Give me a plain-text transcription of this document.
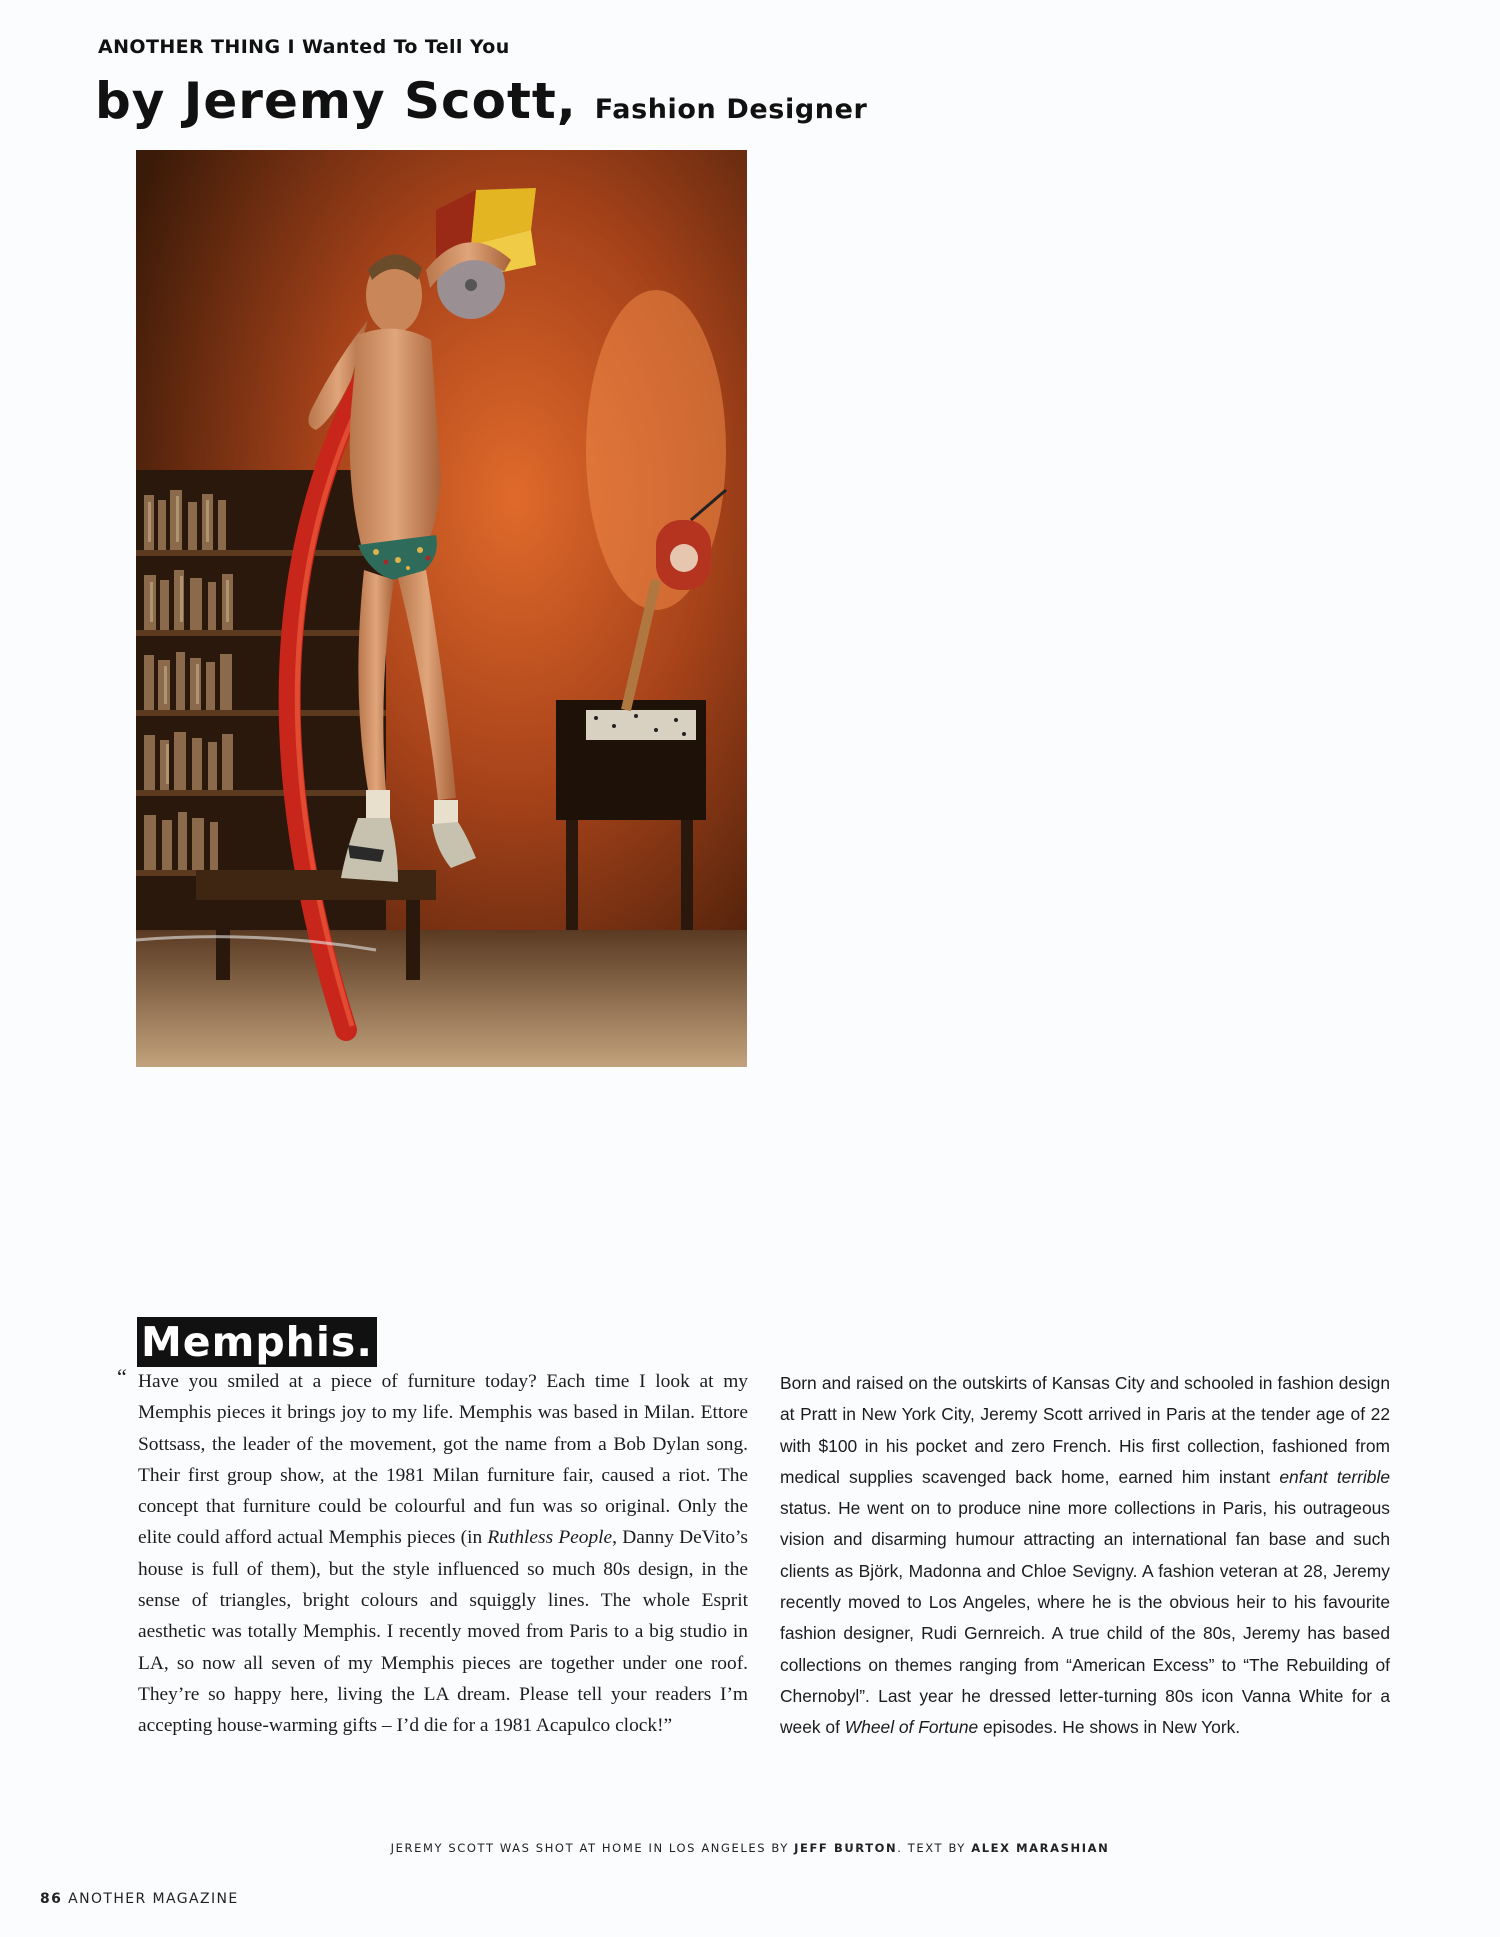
ANOTHER THING I Wanted To Tell You
by Jeremy Scott, Fashion Designer
Memphis.
“ Have you smiled at a piece of furniture today? Each time I look at my Memphis pieces it brings joy to my life. Memphis was based in Milan. Ettore Sottsass, the leader of the movement, got the name from a Bob Dylan song. Their first group show, at the 1981 Milan furniture fair, caused a riot. The concept that furniture could be colourful and fun was so original. Only the elite could afford actual Memphis pieces (in Ruthless People, Danny DeVito’s house is full of them), but the style influenced so much 80s design, in the sense of triangles, bright colours and squiggly lines. The whole Esprit aesthetic was totally Memphis. I recently moved from Paris to a big studio in LA, so now all seven of my Memphis pieces are together under one roof. They’re so happy here, living the LA dream. Please tell your readers I’m accepting house-warming gifts – I’d die for a 1981 Acapulco clock!”

Born and raised on the outskirts of Kansas City and schooled in fashion design at Pratt in New York City, Jeremy Scott arrived in Paris at the tender age of 22 with $100 in his pocket and zero French. His first collection, fashioned from medical supplies scavenged back home, earned him instant enfant terrible status. He went on to produce nine more collections in Paris, his outrageous vision and disarming humour attracting an international fan base and such clients as Björk, Madonna and Chloe Sevigny. A fashion veteran at 28, Jeremy recently moved to Los Angeles, where he is the obvious heir to his favourite fashion designer, Rudi Gernreich. A true child of the 80s, Jeremy has based collections on themes ranging from “American Excess” to “The Rebuilding of Chernobyl”. Last year he dressed letter-turning 80s icon Vanna White for a week of Wheel of Fortune episodes. He shows in New York.

JEREMY SCOTT WAS SHOT AT HOME IN LOS ANGELES BY JEFF BURTON. TEXT BY ALEX MARASHIAN
86 ANOTHER MAGAZINE
